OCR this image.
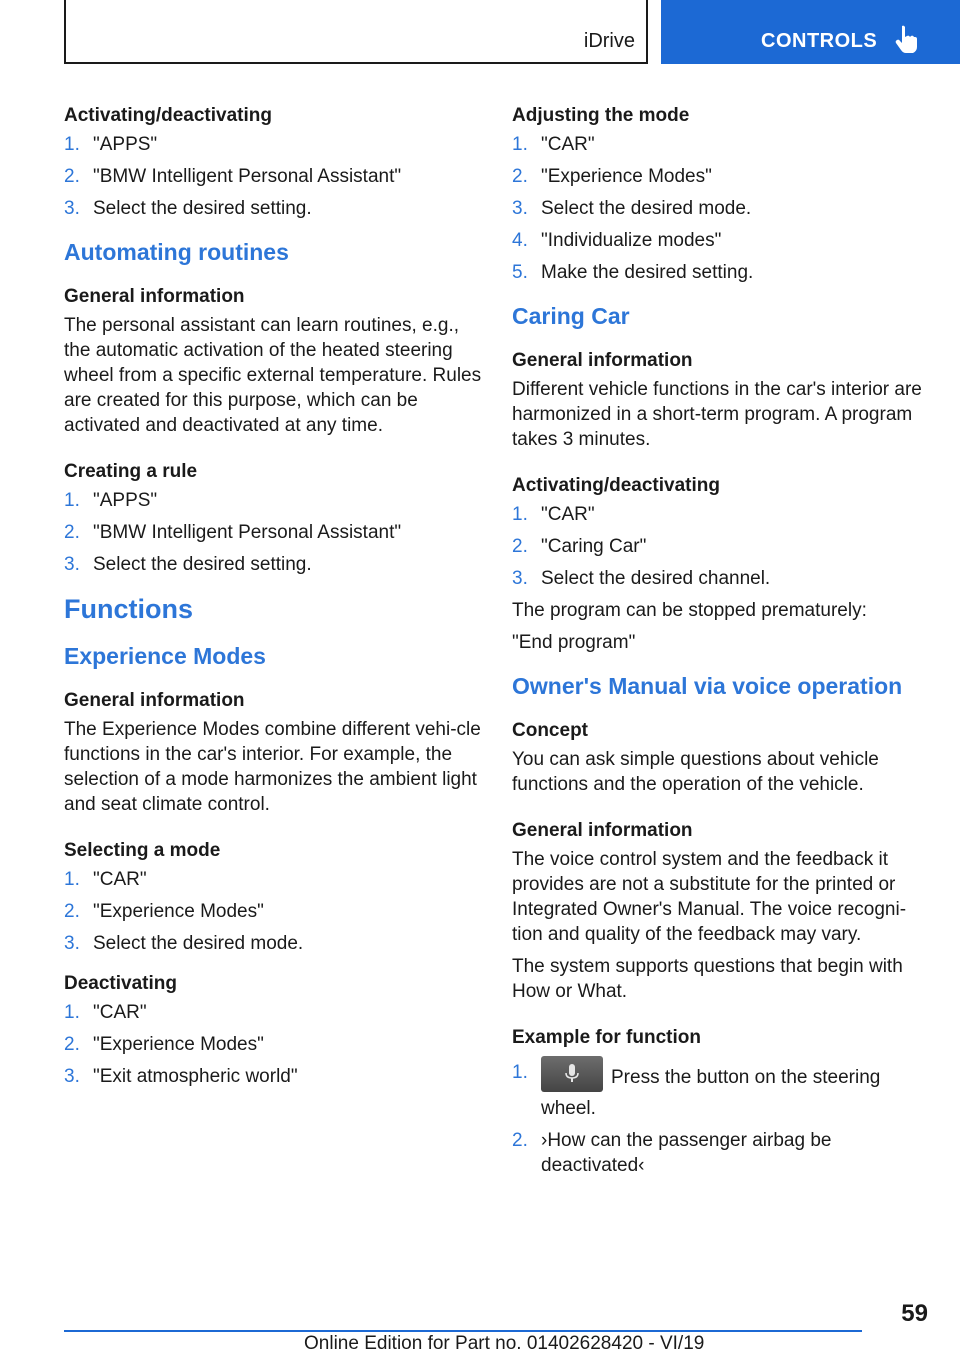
iDrive	CONTROLS
Activating/deactivating
1. "APPS"
2. "BMW Intelligent Personal Assistant"
3. Select the desired setting.
Automating routines
General information

The personal assistant can learn routines, e.g., the automatic activation of the heated steering wheel from a specific external temperature. Rules are created for this purpose, which can be activated and deactivated at any time.

Creating a rule
1. "APPS"
2. "BMW Intelligent Personal Assistant"
3. Select the desired setting.
Functions
Experience Modes
General information

The Experience Modes combine different vehi-cle functions in the car's interior. For example, the selection of a mode harmonizes the ambient light and seat climate control.

Selecting a mode
1. "CAR"
2. "Experience Modes"
3. Select the desired mode.
Deactivating
1. "CAR"
2. "Experience Modes"
3. "Exit atmospheric world"
Adjusting the mode
1. "CAR"
2. "Experience Modes"
3. Select the desired mode.
4. "Individualize modes"
5. Make the desired setting.
Caring Car
General information

Different vehicle functions in the car's interior are harmonized in a short-term program. A program takes 3 minutes.

Activating/deactivating
1. "CAR"
2. "Caring Car"
3. Select the desired channel.

The program can be stopped prematurely:

"End program"

Owner's Manual via voice operation
Concept

You can ask simple questions about vehicle functions and the operation of the vehicle.

General information

The voice control system and the feedback it provides are not a substitute for the printed or Integrated Owner's Manual. The voice recogni-tion and quality of the feedback may vary.

The system supports questions that begin with How or What.

Example for function
1.	Press the button on the steering wheel.
2. ›How can the passenger airbag be deactivated‹
59
Online Edition for Part no. 01402628420 - VI/19
